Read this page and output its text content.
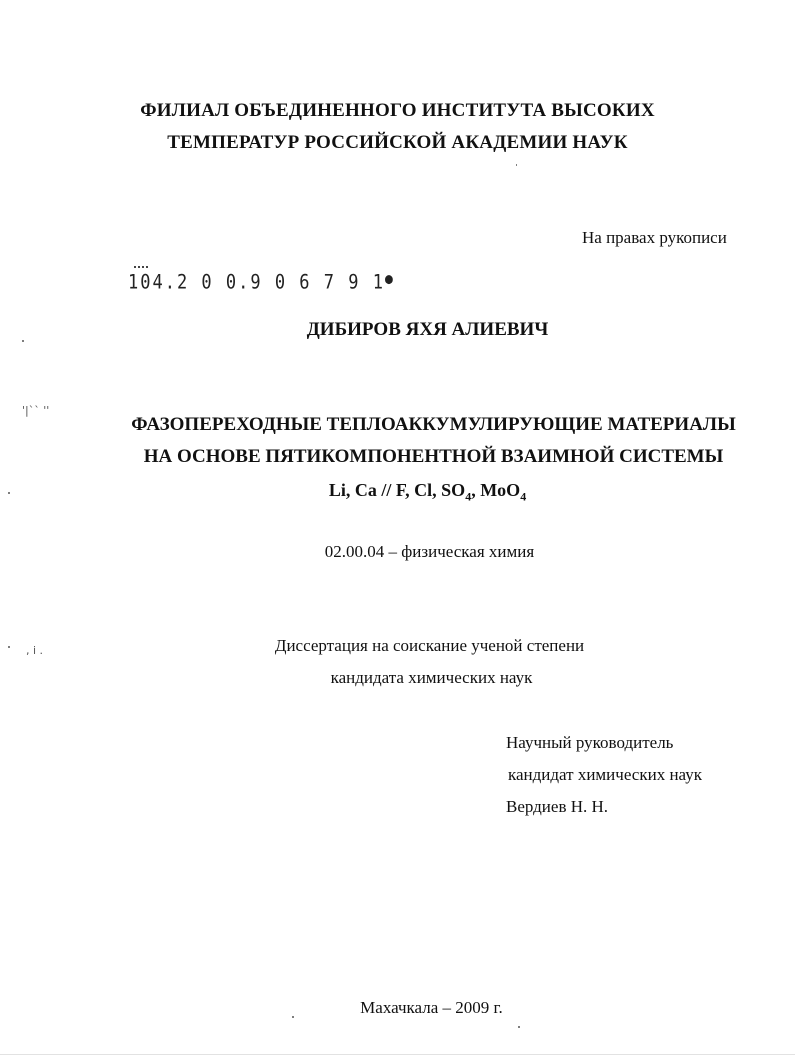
ФИЛИАЛ ОБЪЕДИНЕННОГО ИНСТИТУТА ВЫСОКИХ
ТЕМПЕРАТУР РОССИЙСКОЙ АКАДЕМИИ НАУК
На правах рукописи
104.2 0 0.9 0 6 7 9 1●
ДИБИРОВ ЯХЯ АЛИЕВИЧ
ФАЗОПЕРЕХОДНЫЕ ТЕПЛОАККУМУЛИРУЮЩИЕ МАТЕРИАЛЫ
НА ОСНОВЕ ПЯТИКОМПОНЕНТНОЙ ВЗАИМНОЙ СИСТЕМЫ
Li, Ca // F, Cl, $SO_4$, MoO$_4$
02.00.04 – физическая химия
Диссертация на соискание ученой степени
кандидата химических наук
Научный руководитель
кандидат химических наук
Вердиев Н. Н.
Махачкала – 2009 г.
'|`` ''
, i .
